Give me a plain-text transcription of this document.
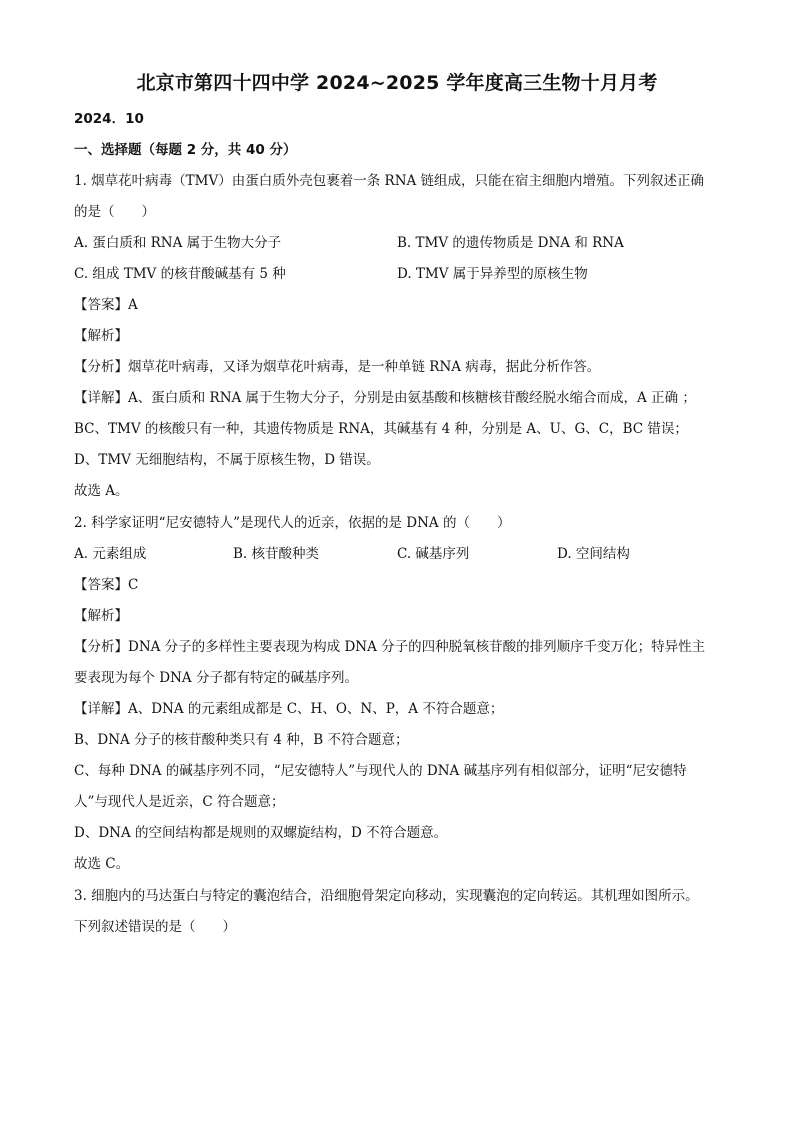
北京市第四十四中学 2024~2025 学年度高三生物十月月考
2024．10
一、选择题（每题 2 分，共 40 分）
1. 烟草花叶病毒（TMV）由蛋白质外壳包裹着一条 RNA 链组成，只能在宿主细胞内增殖。下列叙述正确
的是（　　）
A. 蛋白质和 RNA 属于生物大分子	B. TMV 的遗传物质是 DNA 和 RNA
C. 组成 TMV 的核苷酸碱基有 5 种	D. TMV 属于异养型的原核生物
【答案】A
【解析】
【分析】烟草花叶病毒，又译为烟草花叶病毒，是一种单链 RNA 病毒，据此分析作答。
【详解】A、蛋白质和 RNA 属于生物大分子，分别是由氨基酸和核糖核苷酸经脱水缩合而成，A 正确 ；
BC、TMV 的核酸只有一种，其遗传物质是 RNA，其碱基有 4 种，分别是 A、U、G、C，BC 错误；
D、TMV 无细胞结构，不属于原核生物，D 错误。
故选 A。
2. 科学家证明“尼安德特人”是现代人的近亲，依据的是 DNA 的（　　）
A. 元素组成	B. 核苷酸种类	C. 碱基序列	D. 空间结构
【答案】C
【解析】
【分析】DNA 分子的多样性主要表现为构成 DNA 分子的四种脱氧核苷酸的排列顺序千变万化；特异性主
要表现为每个 DNA 分子都有特定的碱基序列。
【详解】A、DNA 的元素组成都是 C、H、O、N、P，A 不符合题意；
B、DNA 分子的核苷酸种类只有 4 种，B 不符合题意；
C、每种 DNA 的碱基序列不同，“尼安德特人”与现代人的 DNA 碱基序列有相似部分，证明“尼安德特
人”与现代人是近亲，C 符合题意；
D、DNA 的空间结构都是规则的双螺旋结构，D 不符合题意。
故选 C。
3. 细胞内的马达蛋白与特定的囊泡结合，沿细胞骨架定向移动，实现囊泡的定向转运。其机理如图所示。
下列叙述错误的是（　　）
